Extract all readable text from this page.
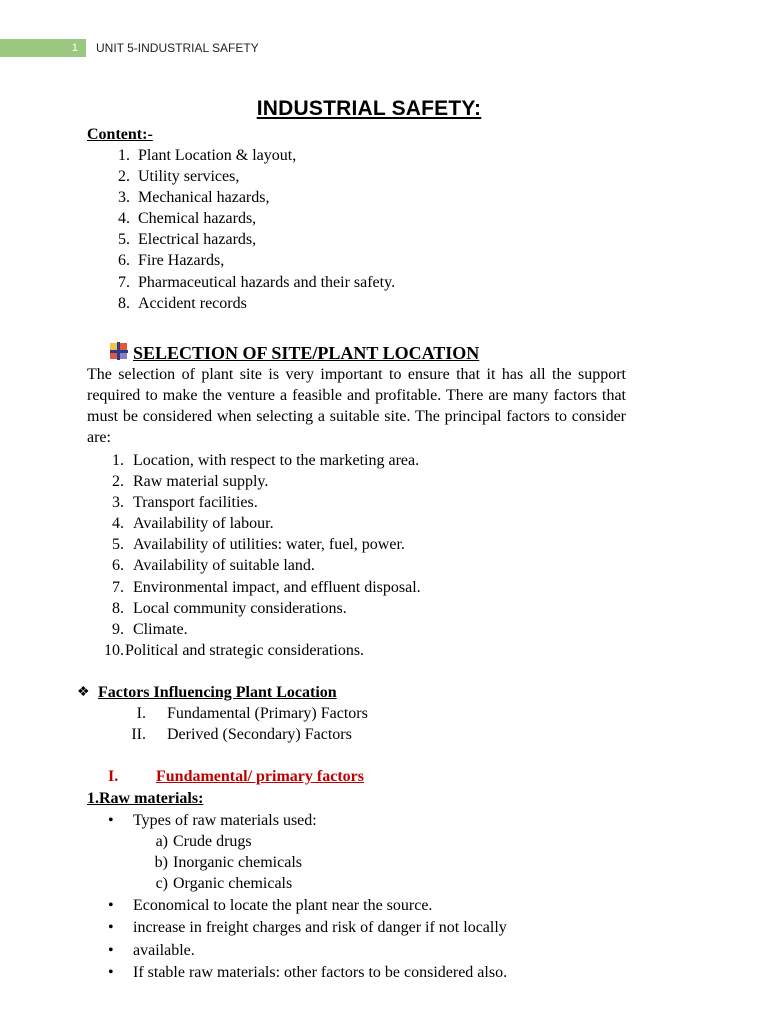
1	UNIT 5-INDUSTRIAL SAFETY
INDUSTRIAL SAFETY:
Content:-
1. Plant Location & layout,
2. Utility services,
3. Mechanical hazards,
4. Chemical hazards,
5. Electrical hazards,
6. Fire Hazards,
7. Pharmaceutical hazards and their safety.
8. Accident records
SELECTION OF SITE/PLANT LOCATION

The selection of plant site is very important to ensure that it has all the support required to make the venture a feasible and profitable. There are many factors that must be considered when selecting a suitable site. The principal factors to consider are:

1. Location, with respect to the marketing area.
2. Raw material supply.
3. Transport facilities.
4. Availability of labour.
5. Availability of utilities: water, fuel, power.
6. Availability of suitable land.
7. Environmental impact, and effluent disposal.
8. Local community considerations.
9. Climate.
10. Political and strategic considerations.
❖ Factors Influencing Plant Location
I. Fundamental (Primary) Factors
II. Derived (Secondary) Factors
I. Fundamental/ primary factors
1.Raw materials:
• Types of raw materials used:
a) Crude drugs
b) Inorganic chemicals
c) Organic chemicals
• Economical to locate the plant near the source.
• increase in freight charges and risk of danger if not locally
• available.
• If stable raw materials: other factors to be considered also.
